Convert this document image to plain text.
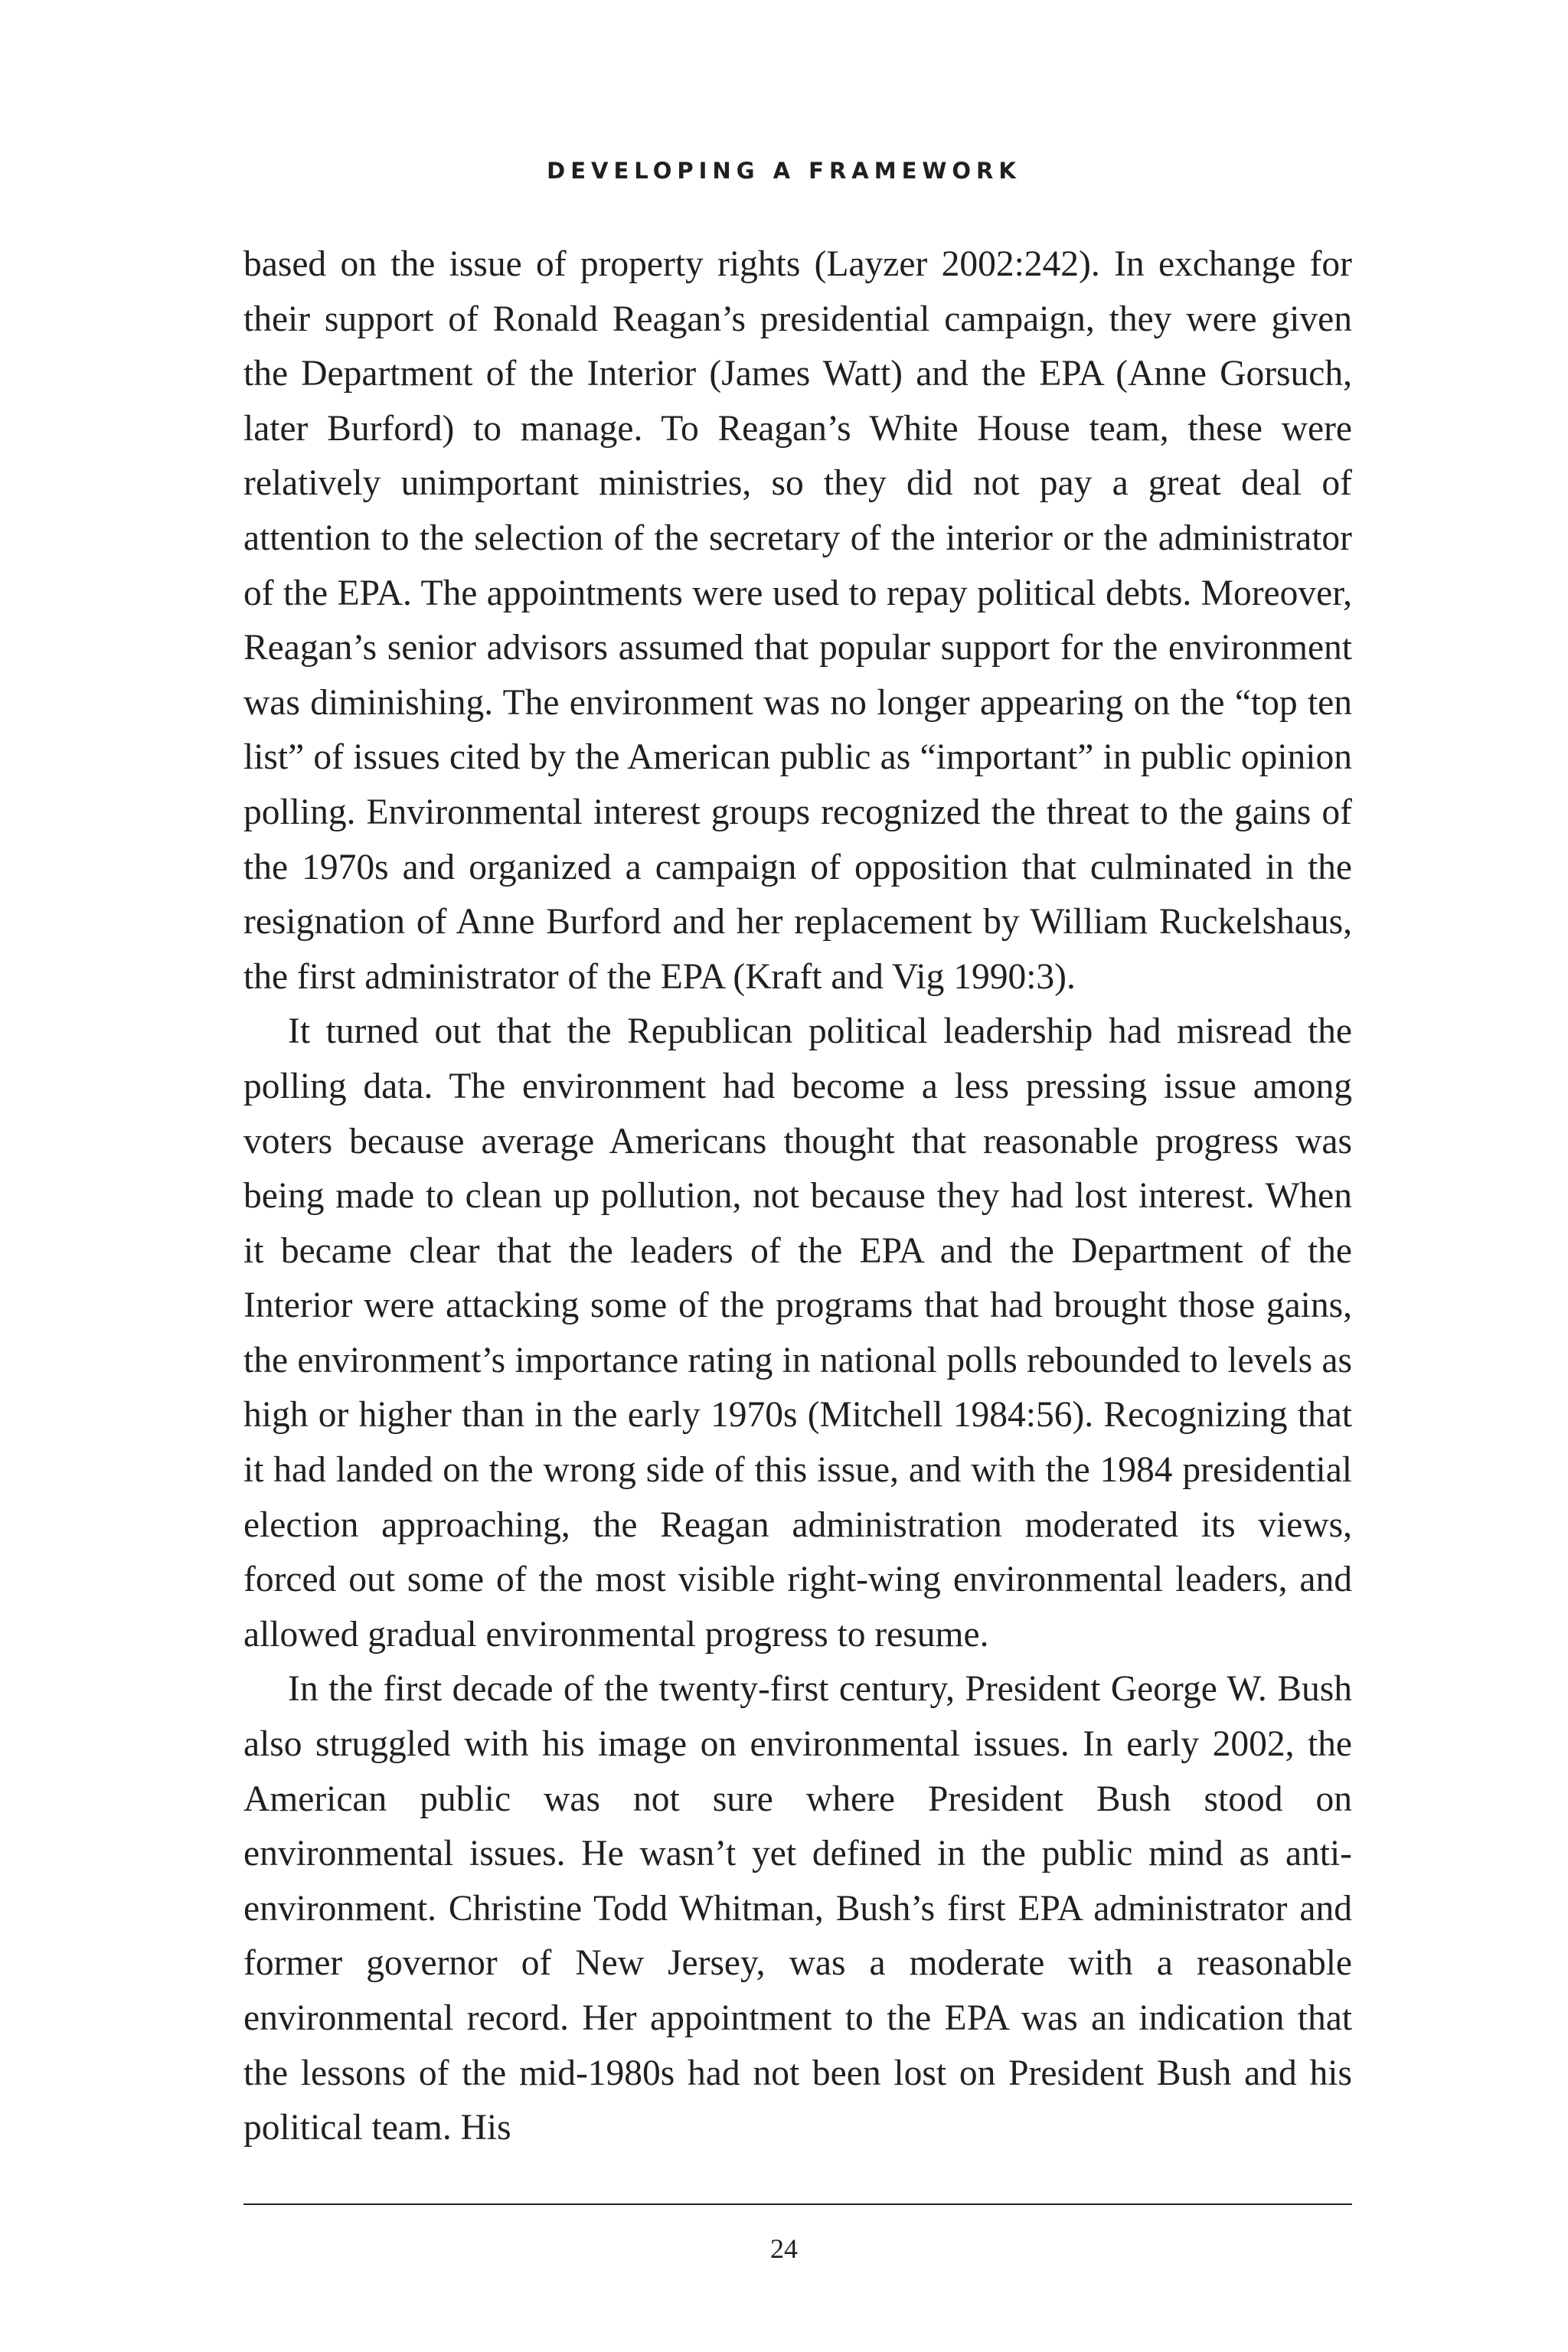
DEVELOPING A FRAMEWORK

based on the issue of property rights (Layzer 2002:242). In exchange for their support of Ronald Reagan’s presidential campaign, they were given the Department of the Interior (James Watt) and the EPA (Anne Gorsuch, later Burford) to manage. To Reagan’s White House team, these were relatively unimportant ministries, so they did not pay a great deal of attention to the selection of the secretary of the interior or the administrator of the EPA. The appointments were used to repay political debts. Moreover, Reagan’s senior advisors assumed that popular support for the environment was diminishing. The environment was no longer appearing on the “top ten list” of issues cited by the American public as “important” in public opinion polling. Environmental interest groups recognized the threat to the gains of the 1970s and organized a campaign of opposition that culminated in the resignation of Anne Burford and her replacement by William Ruckelshaus, the first administrator of the EPA (Kraft and Vig 1990:3).

It turned out that the Republican political leadership had misread the polling data. The environment had become a less pressing issue among voters because average Americans thought that reasonable progress was being made to clean up pollution, not because they had lost interest. When it became clear that the leaders of the EPA and the Department of the Interior were attacking some of the programs that had brought those gains, the environment’s importance rating in national polls rebounded to levels as high or higher than in the early 1970s (Mitchell 1984:56). Recognizing that it had landed on the wrong side of this issue, and with the 1984 presidential election approaching, the Reagan administration moderated its views, forced out some of the most visible right-wing environmental leaders, and allowed gradual environmental progress to resume.

In the first decade of the twenty-first century, President George W. Bush also struggled with his image on environmental issues. In early 2002, the American public was not sure where President Bush stood on environmental issues. He wasn’t yet defined in the public mind as anti-environment. Christine Todd Whitman, Bush’s first EPA administrator and former governor of New Jersey, was a moderate with a reasonable environmental record. Her appointment to the EPA was an indication that the lessons of the mid-1980s had not been lost on President Bush and his political team. His

24
